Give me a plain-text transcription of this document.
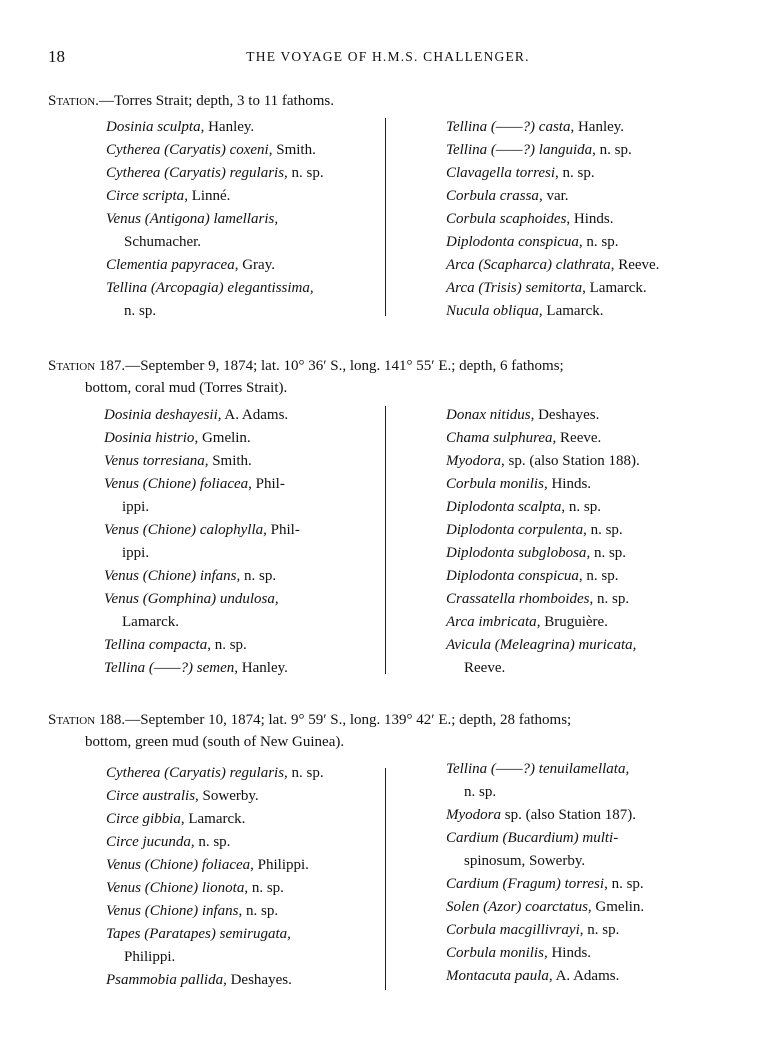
18	THE VOYAGE OF H.M.S. CHALLENGER.
Station.—Torres Strait; depth, 3 to 11 fathoms.
Dosinia sculpta, Hanley.
Cytherea (Caryatis) coxeni, Smith.
Cytherea (Caryatis) regularis, n. sp.
Circe scripta, Linné.
Venus (Antigona) lamellaris,
Schumacher.
Clementia papyracea, Gray.
Tellina (Arcopagia) elegantissima,
n. sp.
Tellina (——?) casta, Hanley.
Tellina (——?) languida, n. sp.
Clavagella torresi, n. sp.
Corbula crassa, var.
Corbula scaphoides, Hinds.
Diplodonta conspicua, n. sp.
Arca (Scapharca) clathrata, Reeve.
Arca (Trisis) semitorta, Lamarck.
Nucula obliqua, Lamarck.
Station 187.—September 9, 1874; lat. 10° 36′ S., long. 141° 55′ E.; depth, 6 fathoms;
bottom, coral mud (Torres Strait).
Dosinia deshayesii, A. Adams.
Dosinia histrio, Gmelin.
Venus torresiana, Smith.
Venus (Chione) foliacea, Phil-
ippi.
Venus (Chione) calophylla, Phil-
ippi.
Venus (Chione) infans, n. sp.
Venus (Gomphina) undulosa,
Lamarck.
Tellina compacta, n. sp.
Tellina (——?) semen, Hanley.
Donax nitidus, Deshayes.
Chama sulphurea, Reeve.
Myodora, sp. (also Station 188).
Corbula monilis, Hinds.
Diplodonta scalpta, n. sp.
Diplodonta corpulenta, n. sp.
Diplodonta subglobosa, n. sp.
Diplodonta conspicua, n. sp.
Crassatella rhomboides, n. sp.
Arca imbricata, Bruguière.
Avicula (Meleagrina) muricata,
Reeve.
Station 188.—September 10, 1874; lat. 9° 59′ S., long. 139° 42′ E.; depth, 28 fathoms;
bottom, green mud (south of New Guinea).
Cytherea (Caryatis) regularis, n. sp.
Circe australis, Sowerby.
Circe gibbia, Lamarck.
Circe jucunda, n. sp.
Venus (Chione) foliacea, Philippi.
Venus (Chione) lionota, n. sp.
Venus (Chione) infans, n. sp.
Tapes (Paratapes) semirugata,
Philippi.
Psammobia pallida, Deshayes.
Tellina (——?) tenuilamellata,
n. sp.
Myodora sp. (also Station 187).
Cardium (Bucardium) multi-
spinosum, Sowerby.
Cardium (Fragum) torresi, n. sp.
Solen (Azor) coarctatus, Gmelin.
Corbula macgillivrayi, n. sp.
Corbula monilis, Hinds.
Montacuta paula, A. Adams.
